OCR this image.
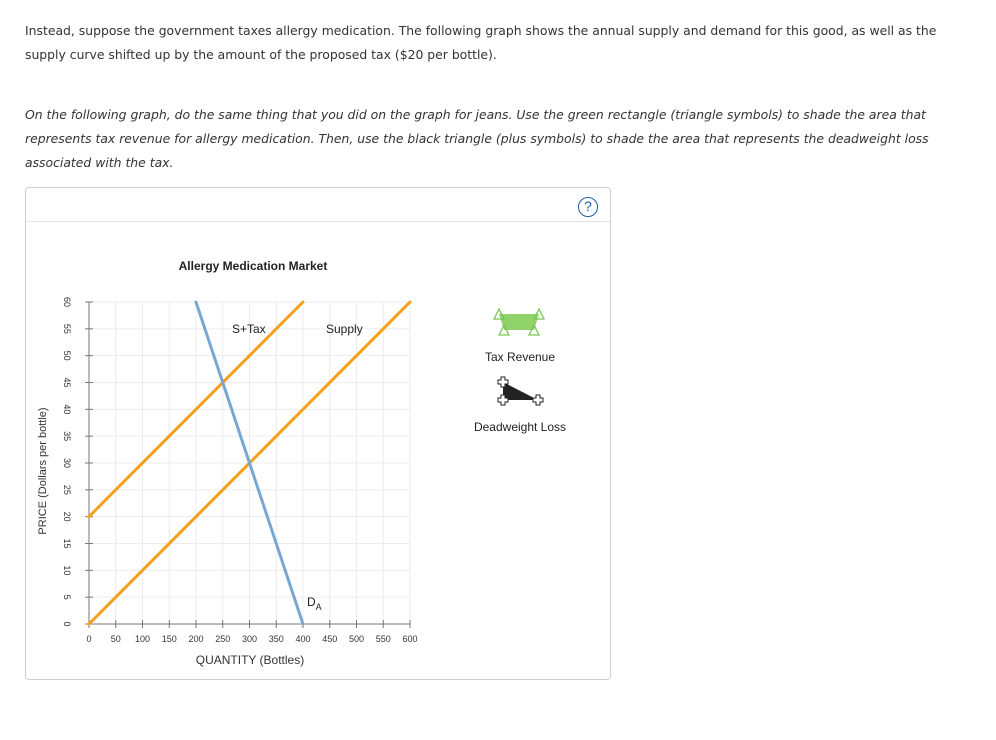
Instead, suppose the government taxes allergy medication. The following graph shows the annual supply and demand for this good, as well as the supply curve shifted up by the amount of the proposed tax ($20 per bottle).

On the following graph, do the same thing that you did on the graph for jeans. Use the green rectangle (triangle symbols) to shade the area that represents tax revenue for allergy medication. Then, use the black triangle (plus symbols) to shade the area that represents the deadweight loss associated with the tax.

?
0 50 100 150 200 250 300 350 400 450 500 550 600
0
5
10
15
20
25
30
35
40
45
50
55
60
Allergy Medication Market
QUANTITY (Bottles)
PRICE (Dollars per bottle)
S+Tax	Supply
$D_A$
Tax Revenue
Deadweight Loss
